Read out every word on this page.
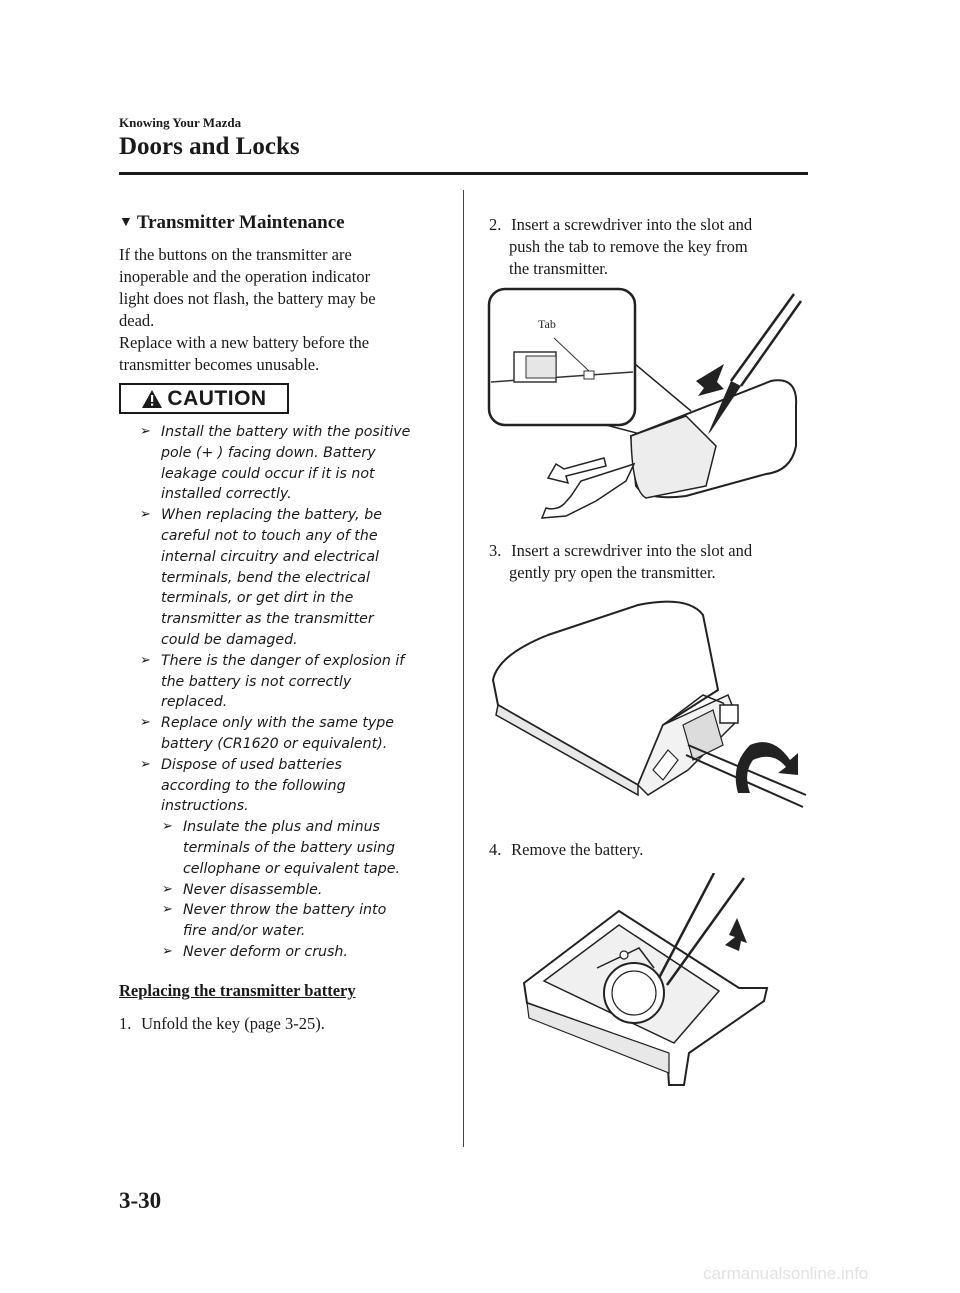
Knowing Your Mazda
Doors and Locks
▼ Transmitter Maintenance

If the buttons on the transmitter are

inoperable and the operation indicator

light does not flash, the battery may be

dead.

Replace with a new battery before the

transmitter becomes unusable.

CAUTION
➢ Install the battery with the positive
pole (+ ) facing down. Battery
leakage could occur if it is not
installed correctly.
➢ When replacing the battery, be
careful not to touch any of the
internal circuitry and electrical
terminals, bend the electrical
terminals, or get dirt in the
transmitter as the transmitter
could be damaged.
➢ There is the danger of explosion if
the battery is not correctly
replaced.
➢ Replace only with the same type
battery (CR1620 or equivalent).
➢ Dispose of used batteries
according to the following
instructions.
➢ Insulate the plus and minus
terminals of the battery using
cellophane or equivalent tape.
➢ Never disassemble.
➢ Never throw the battery into
fire and/or water.
➢ Never deform or crush.
Replacing the transmitter battery
1. Unfold the key (page 3-25).
2. Insert a screwdriver into the slot and
push the tab to remove the key from
the transmitter.
Tab
3. Insert a screwdriver into the slot and
gently pry open the transmitter.
4. Remove the battery.
3-30
carmanualsonline.info
